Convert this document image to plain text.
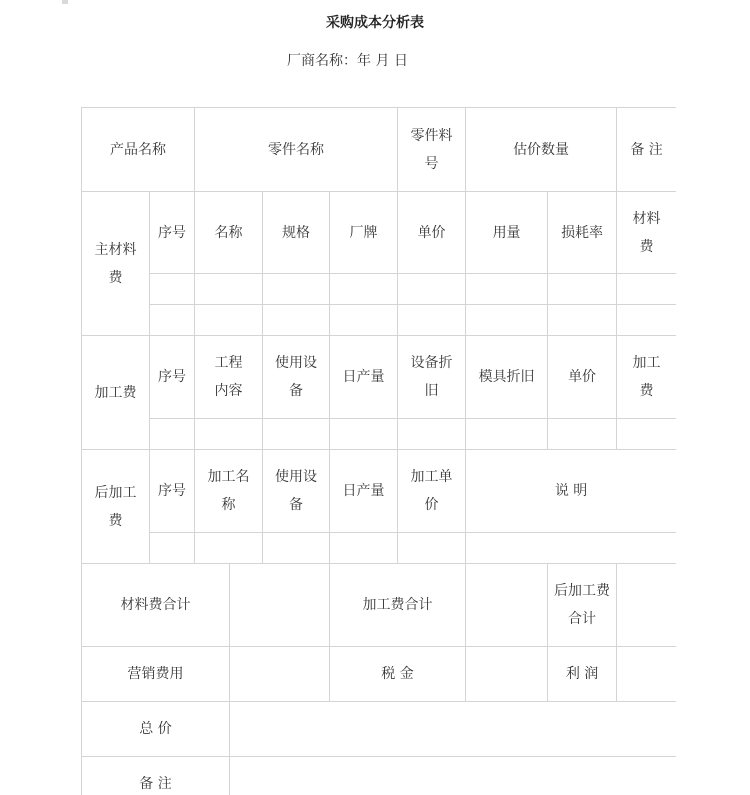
采购成本分析表
厂商名称：年 月 日
产品名称		零件名称				零件料号	估价数量		备 注
主材料费	序号	名称		规格	厂牌	单价	用量	损耗率	材料费

加工费	序号	工程内容		使用设备	日产量	设备折旧	模具折旧	单价	加工费

后加工费	序号	加工名称		使用设备	日产量	加工单价	说 明		

材料费合计					加工费合计			后加工费合计	
营销费用					税 金			利 润	
总 价									
备 注									
